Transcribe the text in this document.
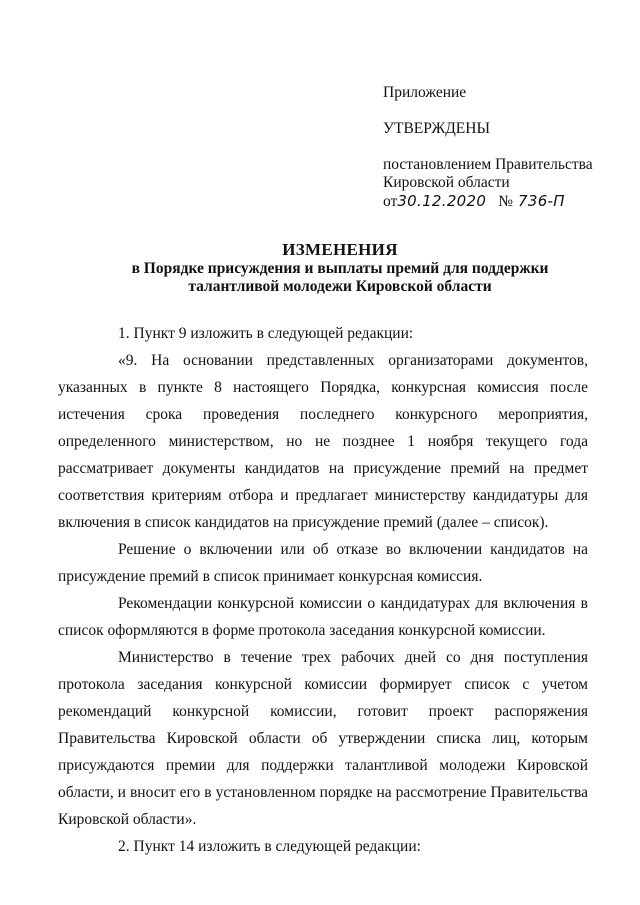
Приложение
УТВЕРЖДЕНЫ
постановлением Правительства
Кировской области
от30.12.2020 № 736-П
ИЗМЕНЕНИЯ
в Порядке присуждения и выплаты премий для поддержки
талантливой молодежи Кировской области

1. Пункт 9 изложить в следующей редакции:

«9. На основании представленных организаторами документов, указанных в пункте 8 настоящего Порядка, конкурсная комиссия после истечения срока проведения последнего конкурсного мероприятия, определенного министерством, но не позднее 1 ноября текущего года рассматривает документы кандидатов на присуждение премий на предмет соответствия критериям отбора и предлагает министерству кандидатуры для включения в список кандидатов на присуждение премий (далее – список).

Решение о включении или об отказе во включении кандидатов на присуждение премий в список принимает конкурсная комиссия.

Рекомендации конкурсной комиссии о кандидатурах для включения в список оформляются в форме протокола заседания конкурсной комиссии.

Министерство в течение трех рабочих дней со дня поступления протокола заседания конкурсной комиссии формирует список с учетом рекомендаций конкурсной комиссии, готовит проект распоряжения Правительства Кировской области об утверждении списка лиц, которым присуждаются премии для поддержки талантливой молодежи Кировской области, и вносит его в установленном порядке на рассмотрение Правительства Кировской области».

2. Пункт 14 изложить в следующей редакции:
